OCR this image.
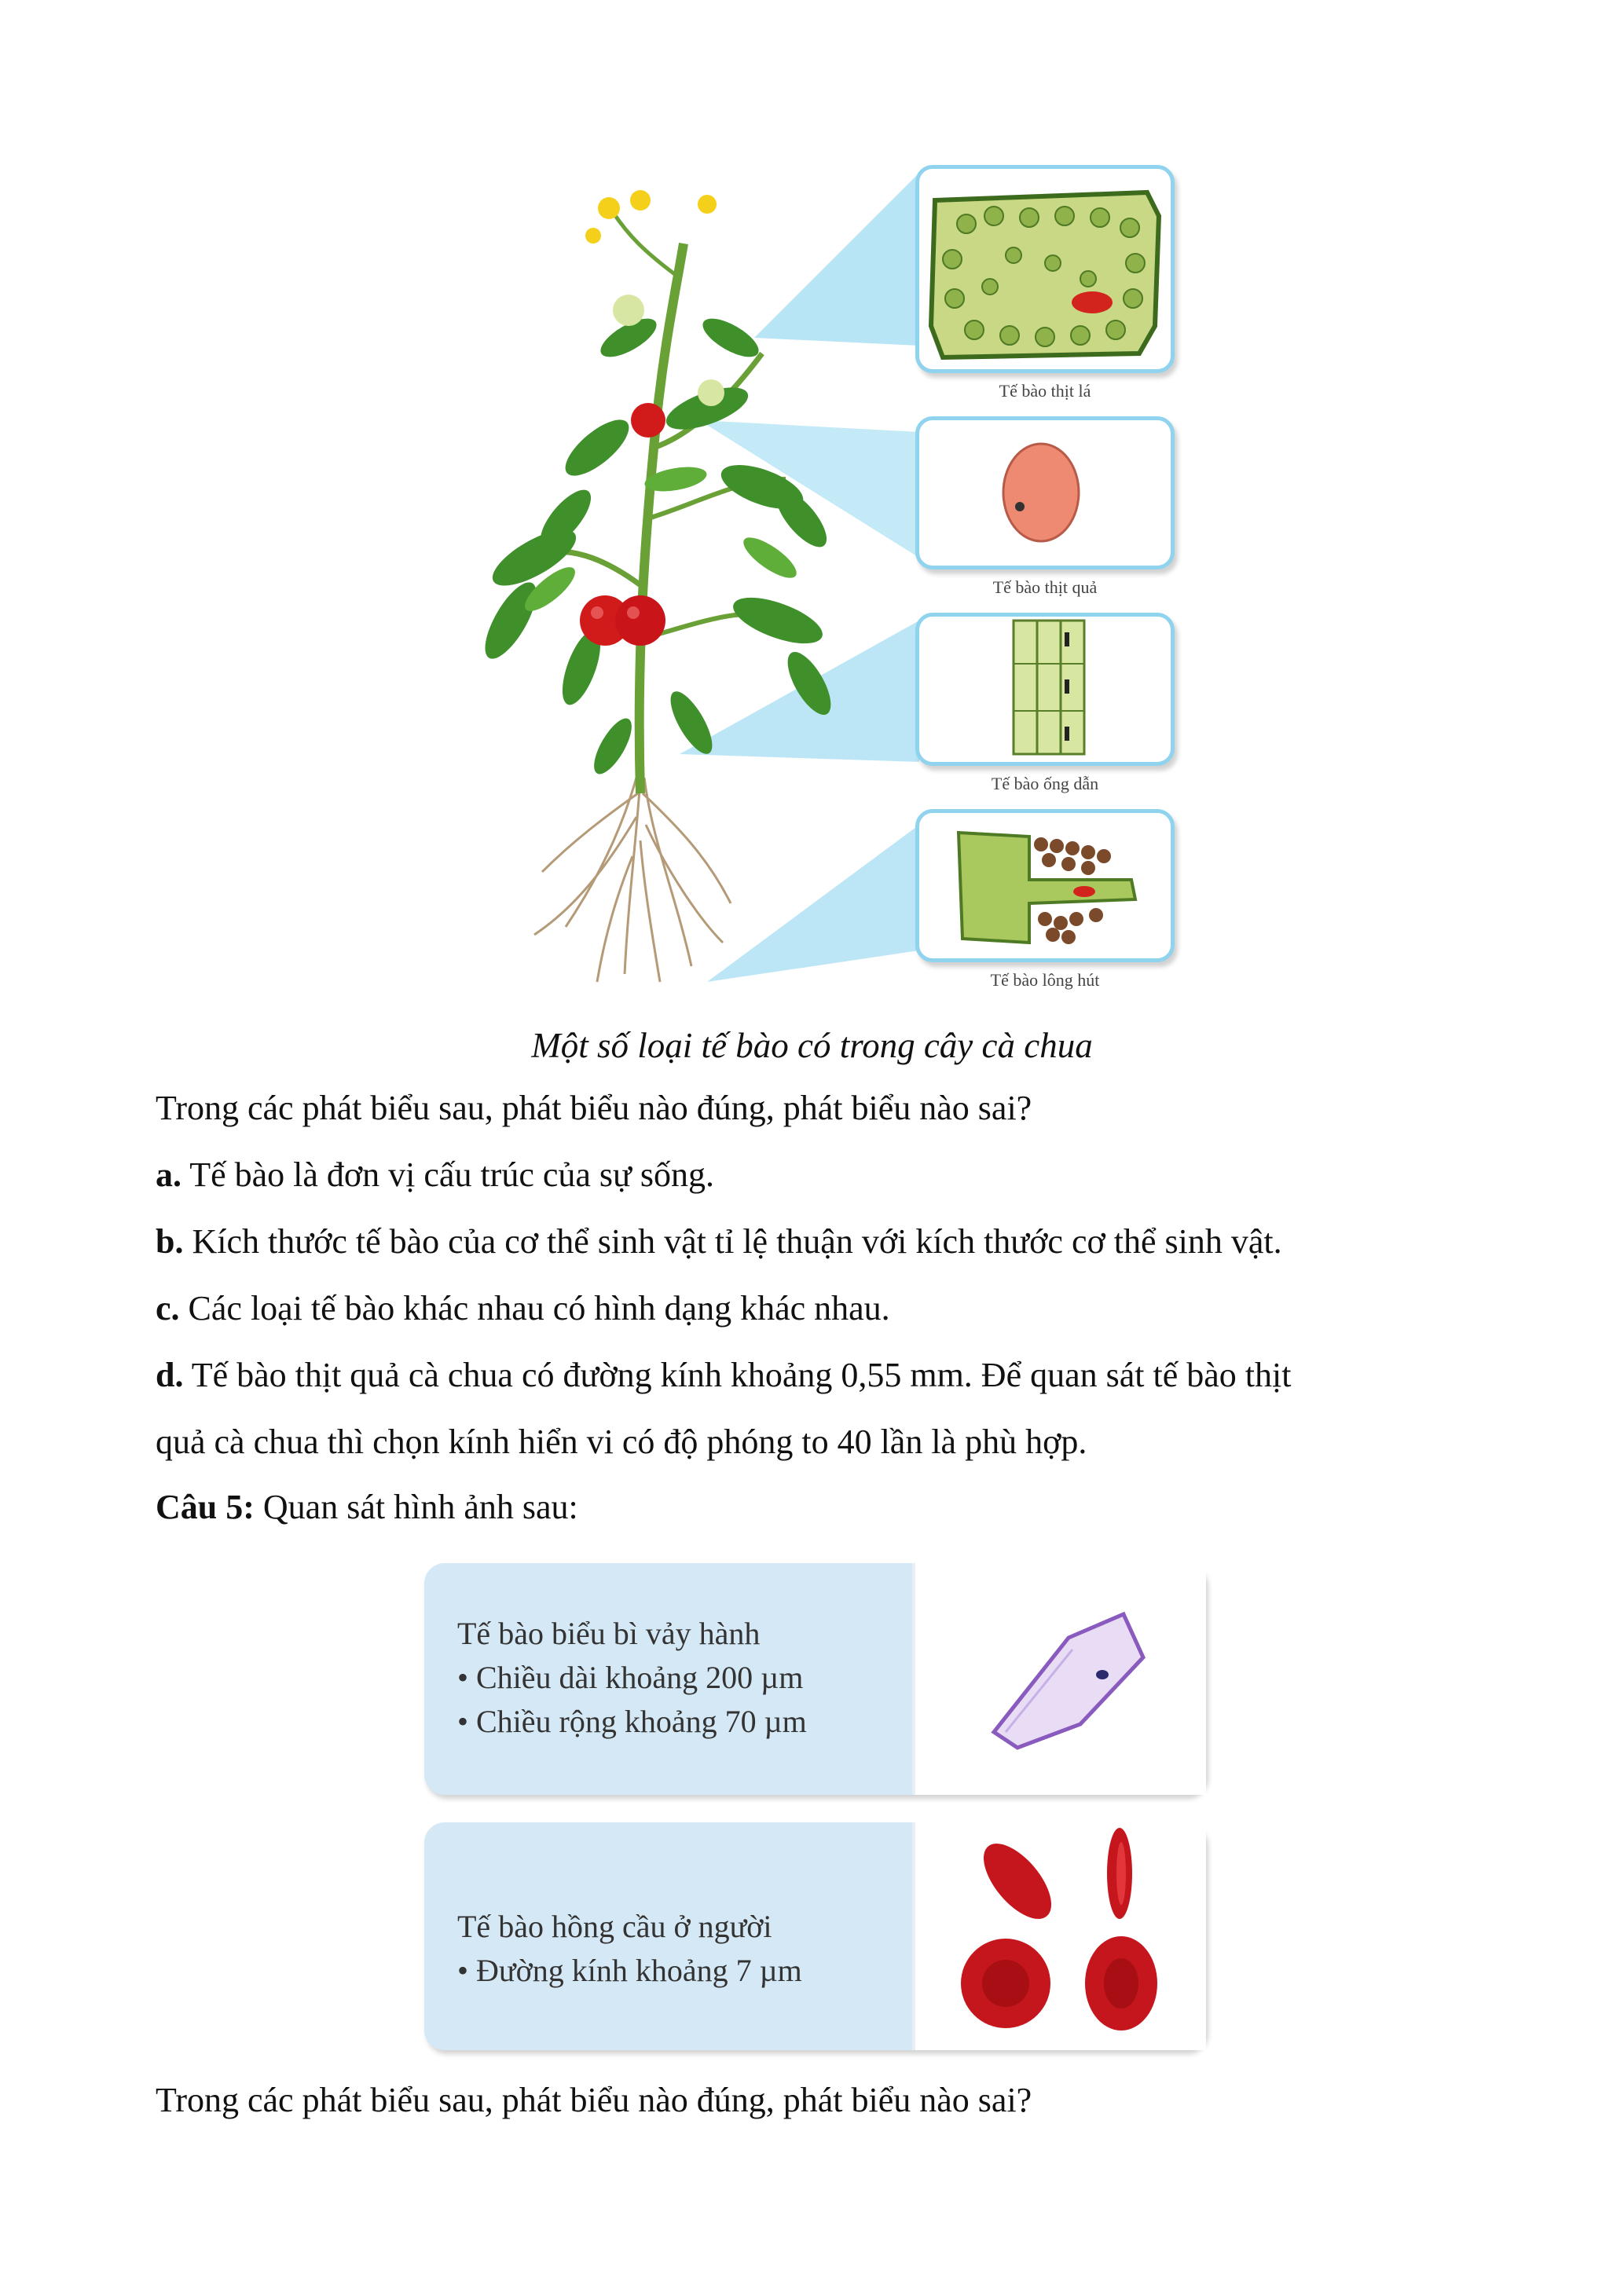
Tế bào thịt lá
Tế bào thịt quả
Tế bào ống dẫn
Tế bào lông hút
Một số loại tế bào có trong cây cà chua
Trong các phát biểu sau, phát biểu nào đúng, phát biểu nào sai?
a. Tế bào là đơn vị cấu trúc của sự sống.
b. Kích thước tế bào của cơ thể sinh vật tỉ lệ thuận với kích thước cơ thể sinh vật.
c. Các loại tế bào khác nhau có hình dạng khác nhau.
d. Tế bào thịt quả cà chua có đường kính khoảng 0,55 mm. Để quan sát tế bào thịt
quả cà chua thì chọn kính hiển vi có độ phóng to 40 lần là phù hợp.
Câu 5: Quan sát hình ảnh sau:
Tế bào biểu bì vảy hành
• Chiều dài khoảng 200 µm
• Chiều rộng khoảng 70 µm
Tế bào hồng cầu ở người
• Đường kính khoảng 7 µm
Trong các phát biểu sau, phát biểu nào đúng, phát biểu nào sai?
